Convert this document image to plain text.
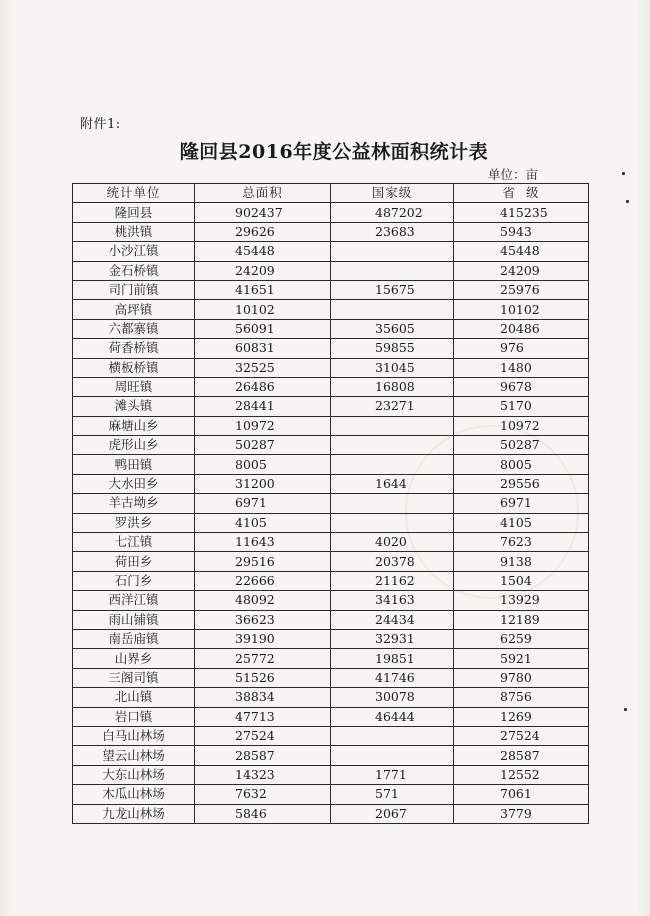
附件1:
隆回县2016年度公益林面积统计表
单位：亩
统计单位	总面积	国家级	省  级
隆回县	902437	487202	415235
桃洪镇	29626	23683	5943
小沙江镇	45448		45448
金石桥镇	24209		24209
司门前镇	41651	15675	25976
高坪镇	10102		10102
六都寨镇	56091	35605	20486
荷香桥镇	60831	59855	976
横板桥镇	32525	31045	1480
周旺镇	26486	16808	9678
滩头镇	28441	23271	5170
麻塘山乡	10972		10972
虎形山乡	50287		50287
鸭田镇	8005		8005
大水田乡	31200	1644	29556
羊古坳乡	6971		6971
罗洪乡	4105		4105
七江镇	11643	4020	7623
荷田乡	29516	20378	9138
石门乡	22666	21162	1504
西洋江镇	48092	34163	13929
雨山铺镇	36623	24434	12189
南岳庙镇	39190	32931	6259
山界乡	25772	19851	5921
三阁司镇	51526	41746	9780
北山镇	38834	30078	8756
岩口镇	47713	46444	1269
白马山林场	27524		27524
望云山林场	28587		28587
大东山林场	14323	1771	12552
木瓜山林场	7632	571	7061
九龙山林场	5846	2067	3779
